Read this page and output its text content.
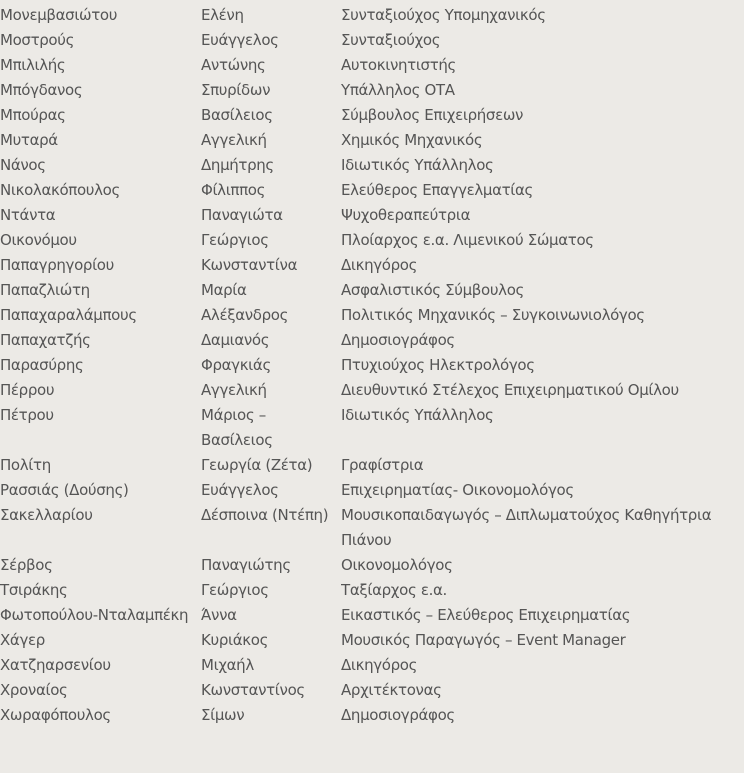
Μονεμβασιώτου	Ελένη	Συνταξιούχος Υπομηχανικός
Μοστρούς	Ευάγγελος	Συνταξιούχος
Μπιλιλής	Αντώνης	Αυτοκινητιστής
Μπόγδανος	Σπυρίδων	Υπάλληλος ΟΤΑ
Μπούρας	Βασίλειος	Σύμβουλος Επιχειρήσεων
Μυταρά	Αγγελική	Χημικός Μηχανικός
Νάνος	Δημήτρης	Ιδιωτικός Υπάλληλος
Νικολακόπουλος	Φίλιππος	Ελεύθερος Επαγγελματίας
Ντάντα	Παναγιώτα	Ψυχοθεραπεύτρια
Οικονόμου	Γεώργιος	Πλοίαρχος ε.α. Λιμενικού Σώματος
Παπαγρηγορίου	Κωνσταντίνα	Δικηγόρος
Παπαζλιώτη	Μαρία	Ασφαλιστικός Σύμβουλος
Παπαχαραλάμπους	Αλέξανδρος	Πολιτικός Μηχανικός – Συγκοινωνιολόγος
Παπαχατζής	Δαμιανός	Δημοσιογράφος
Παρασύρης	Φραγκιάς	Πτυχιούχος Ηλεκτρολόγος
Πέρρου	Αγγελική	Διευθυντικό Στέλεχος Επιχειρηματικού Ομίλου
Πέτρου	Μάριος – Βασίλειος	Ιδιωτικός Υπάλληλος
Πολίτη	Γεωργία (Ζέτα)	Γραφίστρια
Ρασσιάς (Δούσης)	Ευάγγελος	Επιχειρηματίας- Οικονομολόγος
Σακελλαρίου	Δέσποινα (Ντέπη)	Μουσικοπαιδαγωγός – Διπλωματούχος Καθηγήτρια Πιάνου
Σέρβος	Παναγιώτης	Οικονομολόγος
Τσιράκης	Γεώργιος	Ταξίαρχος ε.α.
Φωτοπούλου-Νταλαμπέκη	Άννα	Εικαστικός – Ελεύθερος Επιχειρηματίας
Χάγερ	Κυριάκος	Μουσικός Παραγωγός – Event Manager
Χατζηαρσενίου	Μιχαήλ	Δικηγόρος
Χροναίος	Κωνσταντίνος	Αρχιτέκτονας
Χωραφόπουλος	Σίμων	Δημοσιογράφος
